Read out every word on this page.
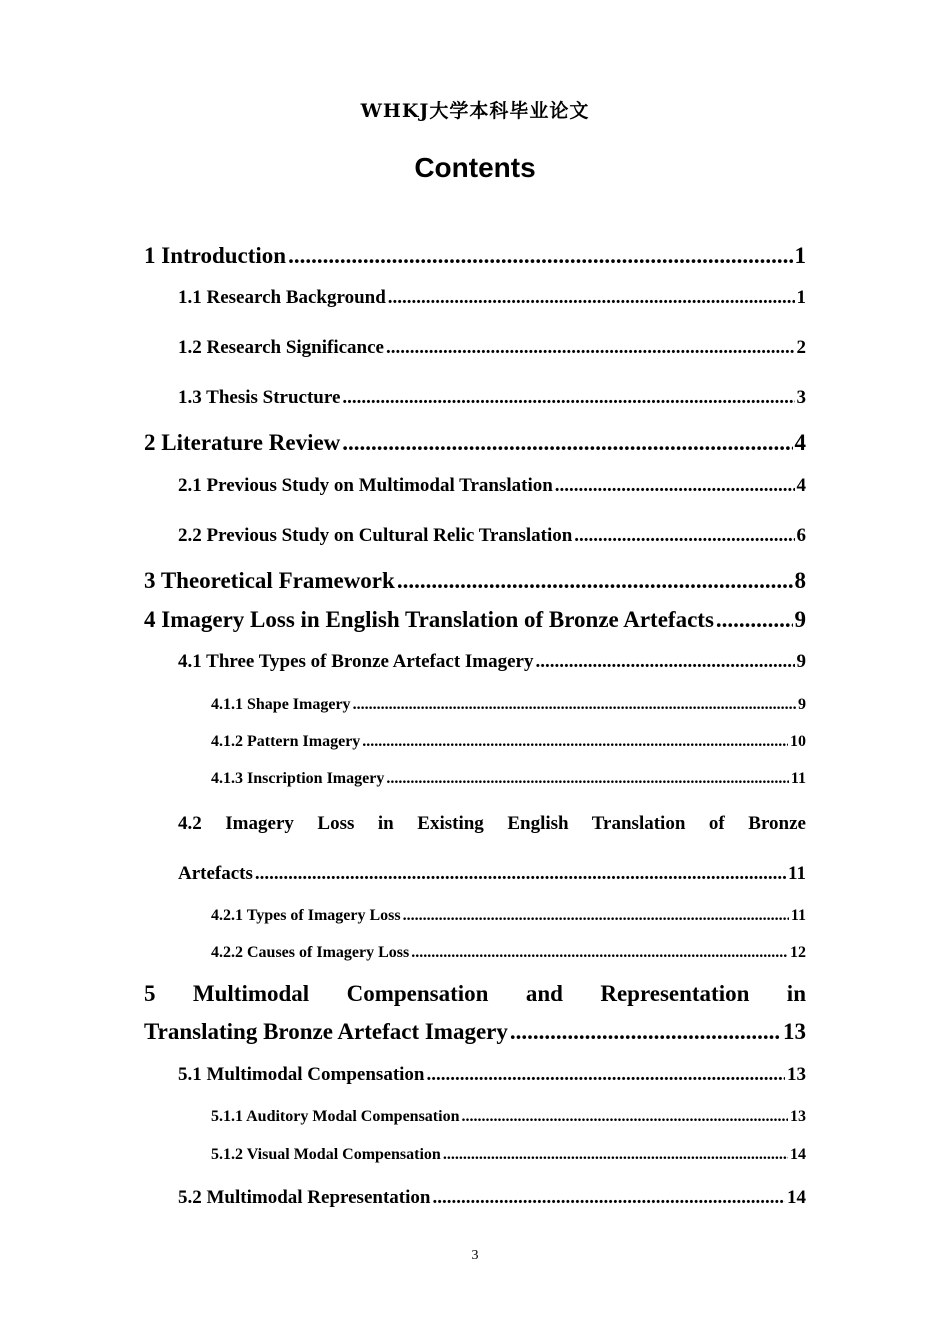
WHKJ大学本科毕业论文
Contents
1 Introduction .....	1
1.1 Research Background .....	1
1.2 Research Significance .....	2
1.3 Thesis Structure .....	3
2 Literature Review .....	4
2.1 Previous Study on Multimodal Translation .....	4
2.2 Previous Study on Cultural Relic Translation .....	6
3 Theoretical Framework .....	8
4 Imagery Loss in English Translation of Bronze Artefacts .....	9
4.1 Three Types of Bronze Artefact Imagery .....	9
4.1.1 Shape Imagery .....	9
4.1.2 Pattern Imagery .....	10
4.1.3 Inscription Imagery .....	11
4.2 Imagery Loss in Existing English Translation of Bronze
Artefacts .....	11
4.2.1 Types of Imagery Loss .....	11
4.2.2 Causes of Imagery Loss .....	12
5 Multimodal Compensation and Representation in
Translating Bronze Artefact Imagery .....	13
5.1 Multimodal Compensation .....	13
5.1.1 Auditory Modal Compensation .....	13
5.1.2 Visual Modal Compensation .....	14
5.2 Multimodal Representation .....	14
3
